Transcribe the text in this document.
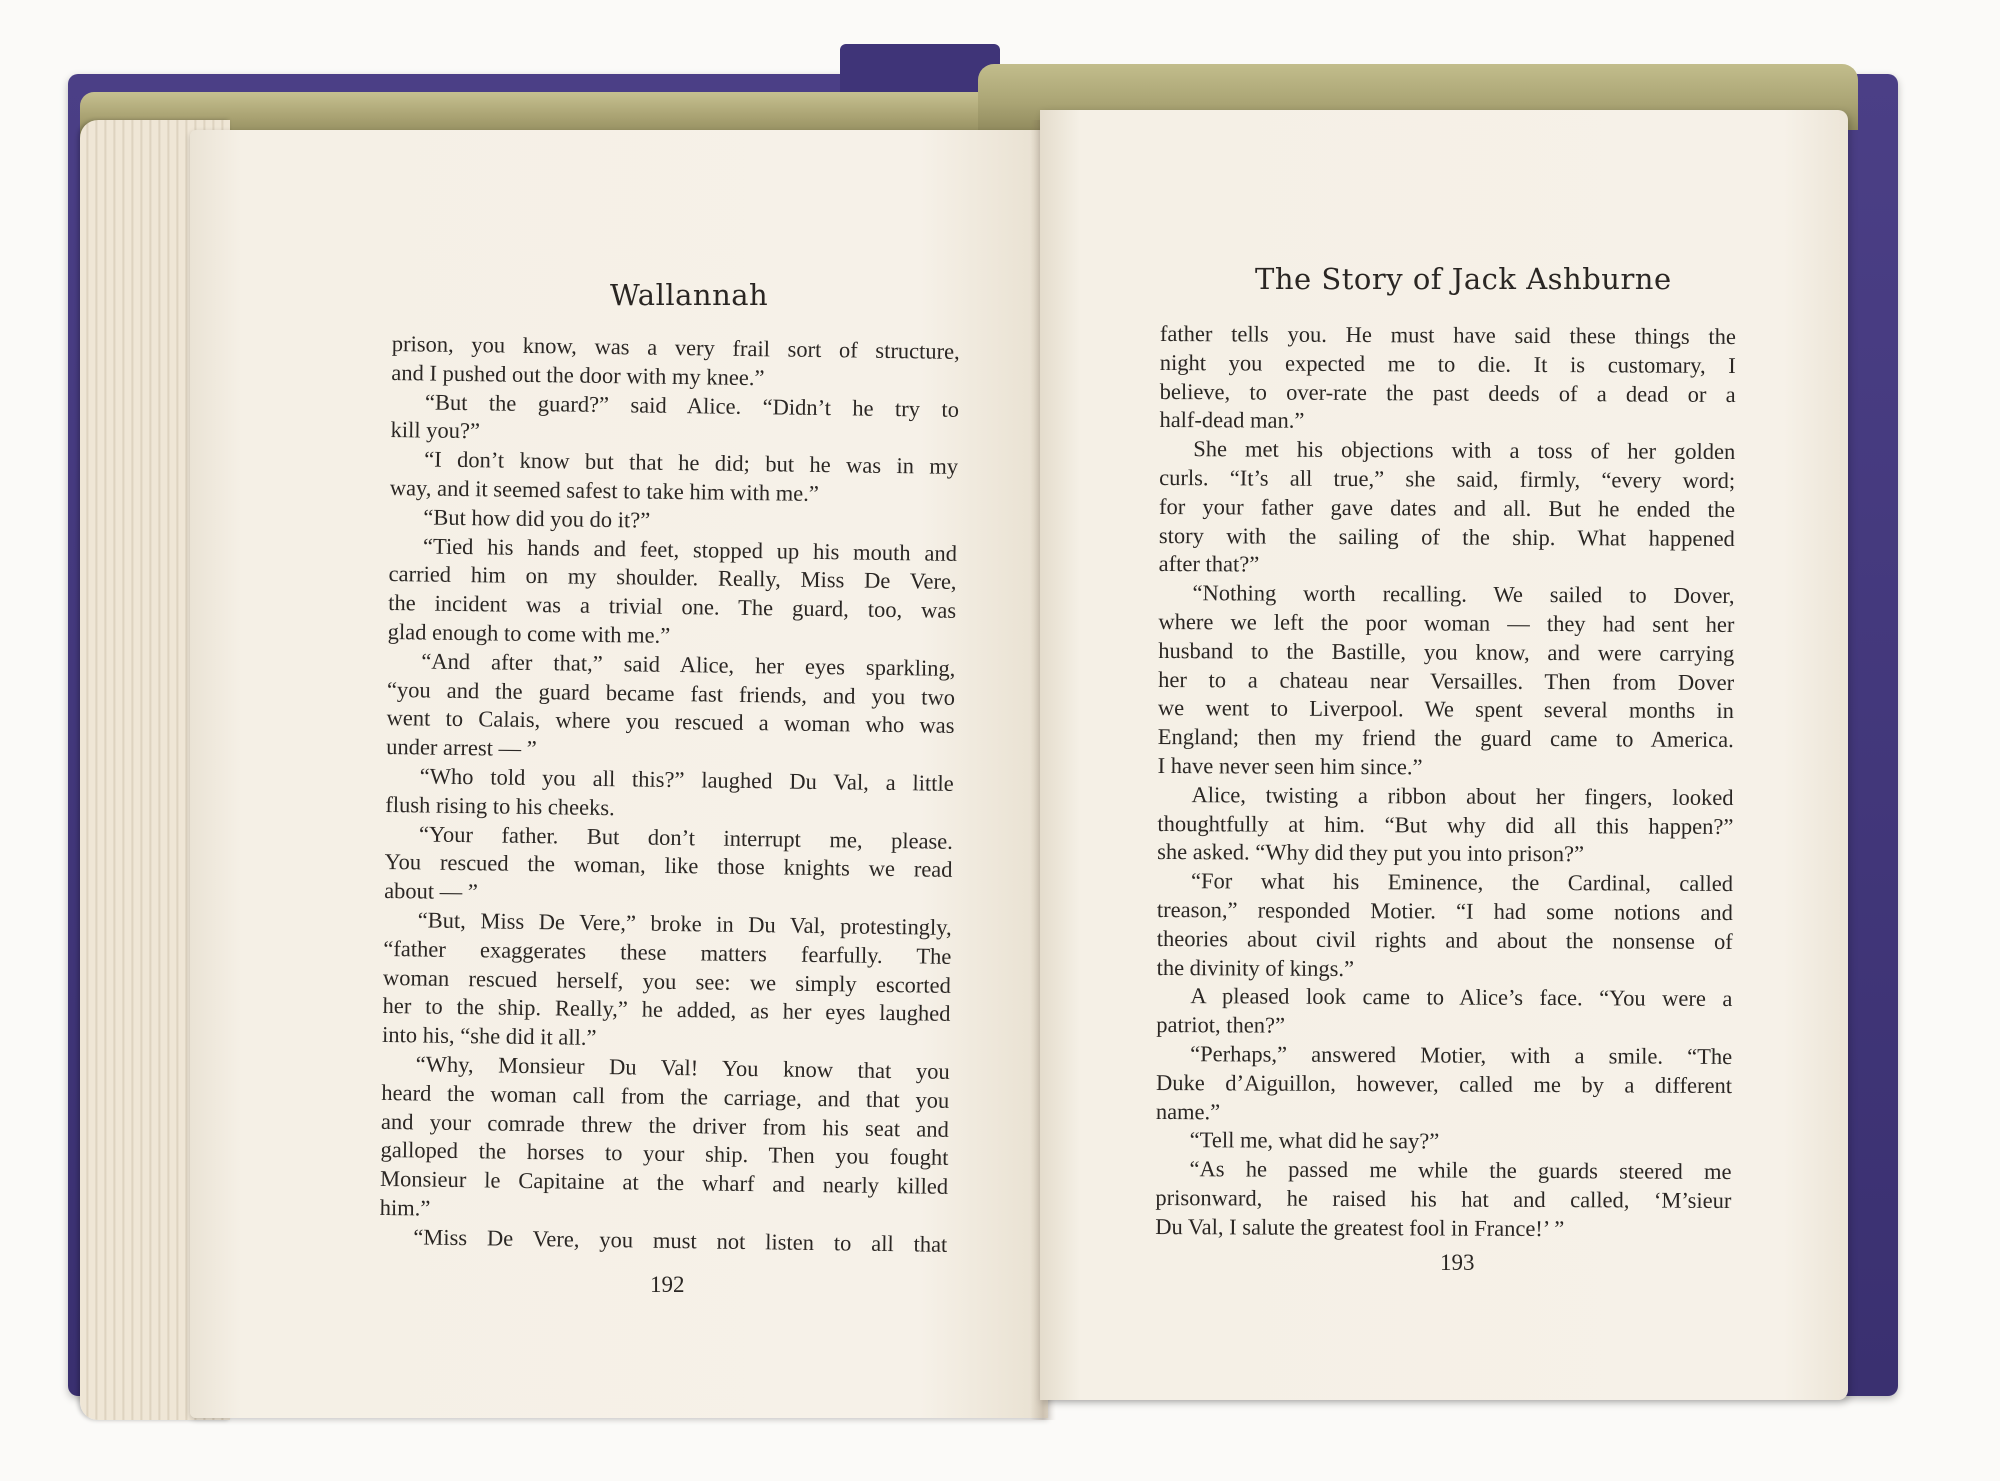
Wallannah
prison, you know, was a very frail sort of structure,
and I pushed out the door with my knee.”
“But the guard?” said Alice. “Didn’t he try to
kill you?”
“I don’t know but that he did; but he was in my
way, and it seemed safest to take him with me.”
“But how did you do it?”
“Tied his hands and feet, stopped up his mouth and
carried him on my shoulder. Really, Miss De Vere,
the incident was a trivial one. The guard, too, was
glad enough to come with me.”
“And after that,” said Alice, her eyes sparkling,
“you and the guard became fast friends, and you two
went to Calais, where you rescued a woman who was
under arrest — ”
“Who told you all this?” laughed Du Val, a little
flush rising to his cheeks.
“Your father. But don’t interrupt me, please.
You rescued the woman, like those knights we read
about — ”
“But, Miss De Vere,” broke in Du Val, protestingly,
“father exaggerates these matters fearfully. The
woman rescued herself, you see: we simply escorted
her to the ship. Really,” he added, as her eyes laughed
into his, “she did it all.”
“Why, Monsieur Du Val! You know that you
heard the woman call from the carriage, and that you
and your comrade threw the driver from his seat and
galloped the horses to your ship. Then you fought
Monsieur le Capitaine at the wharf and nearly killed
him.”
“Miss De Vere, you must not listen to all that
192
The Story of Jack Ashburne
father tells you. He must have said these things the
night you expected me to die. It is customary, I
believe, to over-rate the past deeds of a dead or a
half-dead man.”
She met his objections with a toss of her golden
curls. “It’s all true,” she said, firmly, “every word;
for your father gave dates and all. But he ended the
story with the sailing of the ship. What happened
after that?”
“Nothing worth recalling. We sailed to Dover,
where we left the poor woman — they had sent her
husband to the Bastille, you know, and were carrying
her to a chateau near Versailles. Then from Dover
we went to Liverpool. We spent several months in
England; then my friend the guard came to America.
I have never seen him since.”
Alice, twisting a ribbon about her fingers, looked
thoughtfully at him. “But why did all this happen?”
she asked. “Why did they put you into prison?”
“For what his Eminence, the Cardinal, called
treason,” responded Motier. “I had some notions and
theories about civil rights and about the nonsense of
the divinity of kings.”
A pleased look came to Alice’s face. “You were a
patriot, then?”
“Perhaps,” answered Motier, with a smile. “The
Duke d’Aiguillon, however, called me by a different
name.”
“Tell me, what did he say?”
“As he passed me while the guards steered me
prisonward, he raised his hat and called, ‘M’sieur
Du Val, I salute the greatest fool in France!’ ”
193
